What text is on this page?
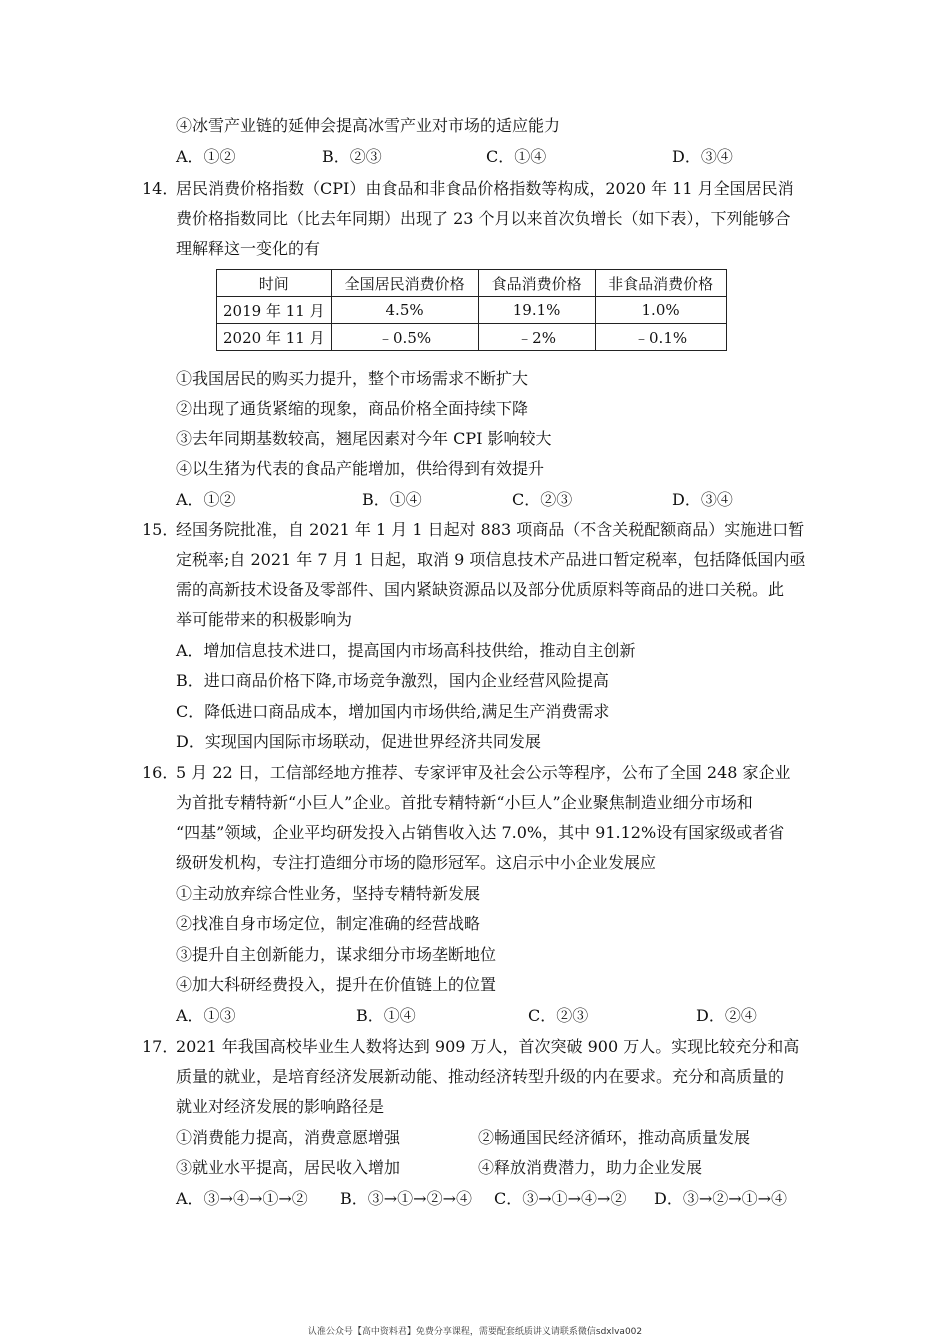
④冰雪产业链的延伸会提高冰雪产业对市场的适应能力
A．①②	B．②③	C．①④	D．③④
14．
居民消费价格指数（CPI）由食品和非食品价格指数等构成，2020 年 11 月全国居民消
费价格指数同比（比去年同期）出现了 23 个月以来首次负增长（如下表），下列能够合
理解释这一变化的有
时间	全国居民消费价格	食品消费价格	非食品消费价格
2019 年 11 月	4.5%	19.1%	1.0%
2020 年 11 月	﹣0.5%	﹣2%	﹣0.1%
①我国居民的购买力提升，整个市场需求不断扩大
②出现了通货紧缩的现象，商品价格全面持续下降
③去年同期基数较高，翘尾因素对今年 CPI 影响较大
④以生猪为代表的食品产能增加，供给得到有效提升
A．①②	B．①④	C．②③	D．③④
15．
经国务院批准，自 2021 年 1 月 1 日起对 883 项商品（不含关税配额商品）实施进口暂
定税率;自 2021 年 7 月 1 日起，取消 9 项信息技术产品进口暂定税率，包括降低国内亟
需的高新技术设备及零部件、国内紧缺资源品以及部分优质原料等商品的进口关税。此
举可能带来的积极影响为
A．增加信息技术进口，提高国内市场高科技供给，推动自主创新
B．进口商品价格下降,市场竞争激烈，国内企业经营风险提高
C．降低进口商品成本，增加国内市场供给,满足生产消费需求
D．实现国内国际市场联动，促进世界经济共同发展
16．
5 月 22 日，工信部经地方推荐、专家评审及社会公示等程序，公布了全国 248 家企业
为首批专精特新“小巨人”企业。首批专精特新“小巨人”企业聚焦制造业细分市场和
“四基”领域，企业平均研发投入占销售收入达 7.0%，其中 91.12%设有国家级或者省
级研发机构，专注打造细分市场的隐形冠军。这启示中小企业发展应
①主动放弃综合性业务，坚持专精特新发展
②找准自身市场定位，制定准确的经营战略
③提升自主创新能力，谋求细分市场垄断地位
④加大科研经费投入，提升在价值链上的位置
A．①③	B．①④	C．②③	D．②④
17．
2021 年我国高校毕业生人数将达到 909 万人，首次突破 900 万人。实现比较充分和高
质量的就业，是培育经济发展新动能、推动经济转型升级的内在要求。充分和高质量的
就业对经济发展的影响路径是
①消费能力提高，消费意愿增强	②畅通国民经济循环，推动高质量发展
③就业水平提高，居民收入增加	④释放消费潜力，助力企业发展
A．③→④→①→② B．③→①→②→④ C．③→①→④→② D．③→②→①→④
认准公众号【高中资料君】免费分享课程，需要配套纸质讲义请联系微信sdxlva002
